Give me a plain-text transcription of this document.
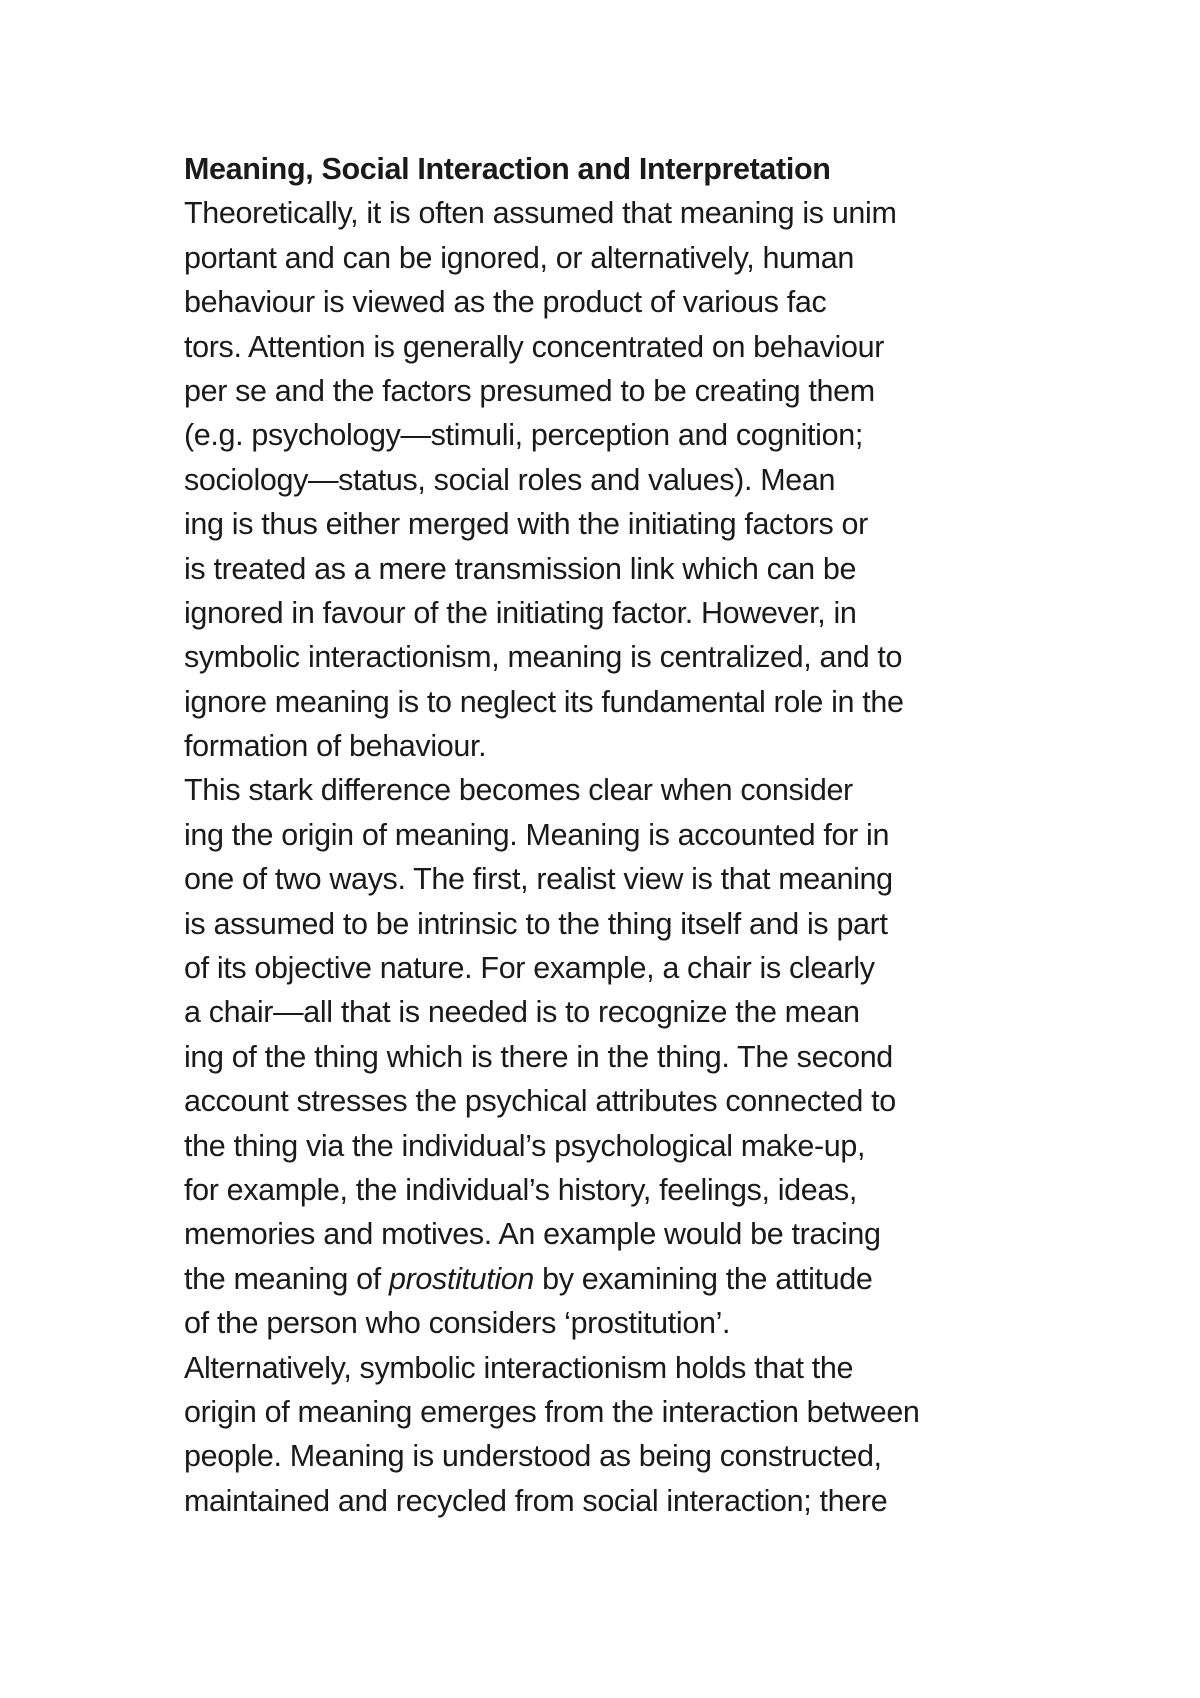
Meaning, Social Interaction and Interpretation
Theoretically, it is often assumed that meaning is unim
portant and can be ignored, or alternatively, human
behaviour is viewed as the product of various fac
tors. Attention is generally concentrated on behaviour
per se and the factors presumed to be creating them
(e.g. psychology—stimuli, perception and cognition;
sociology—status, social roles and values). Mean
ing is thus either merged with the initiating factors or
is treated as a mere transmission link which can be
ignored in favour of the initiating factor. However, in
symbolic interactionism, meaning is centralized, and to
ignore meaning is to neglect its fundamental role in the
formation of behaviour.
This stark difference becomes clear when consider
ing the origin of meaning. Meaning is accounted for in
one of two ways. The first, realist view is that meaning
is assumed to be intrinsic to the thing itself and is part
of its objective nature. For example, a chair is clearly
a chair—all that is needed is to recognize the mean
ing of the thing which is there in the thing. The second
account stresses the psychical attributes connected to
the thing via the individual’s psychological make-up,
for example, the individual’s history, feelings, ideas,
memories and motives. An example would be tracing
the meaning of prostitution by examining the attitude
of the person who considers ‘prostitution’.
Alternatively, symbolic interactionism holds that the
origin of meaning emerges from the interaction between
people. Meaning is understood as being constructed,
maintained and recycled from social interaction; there
